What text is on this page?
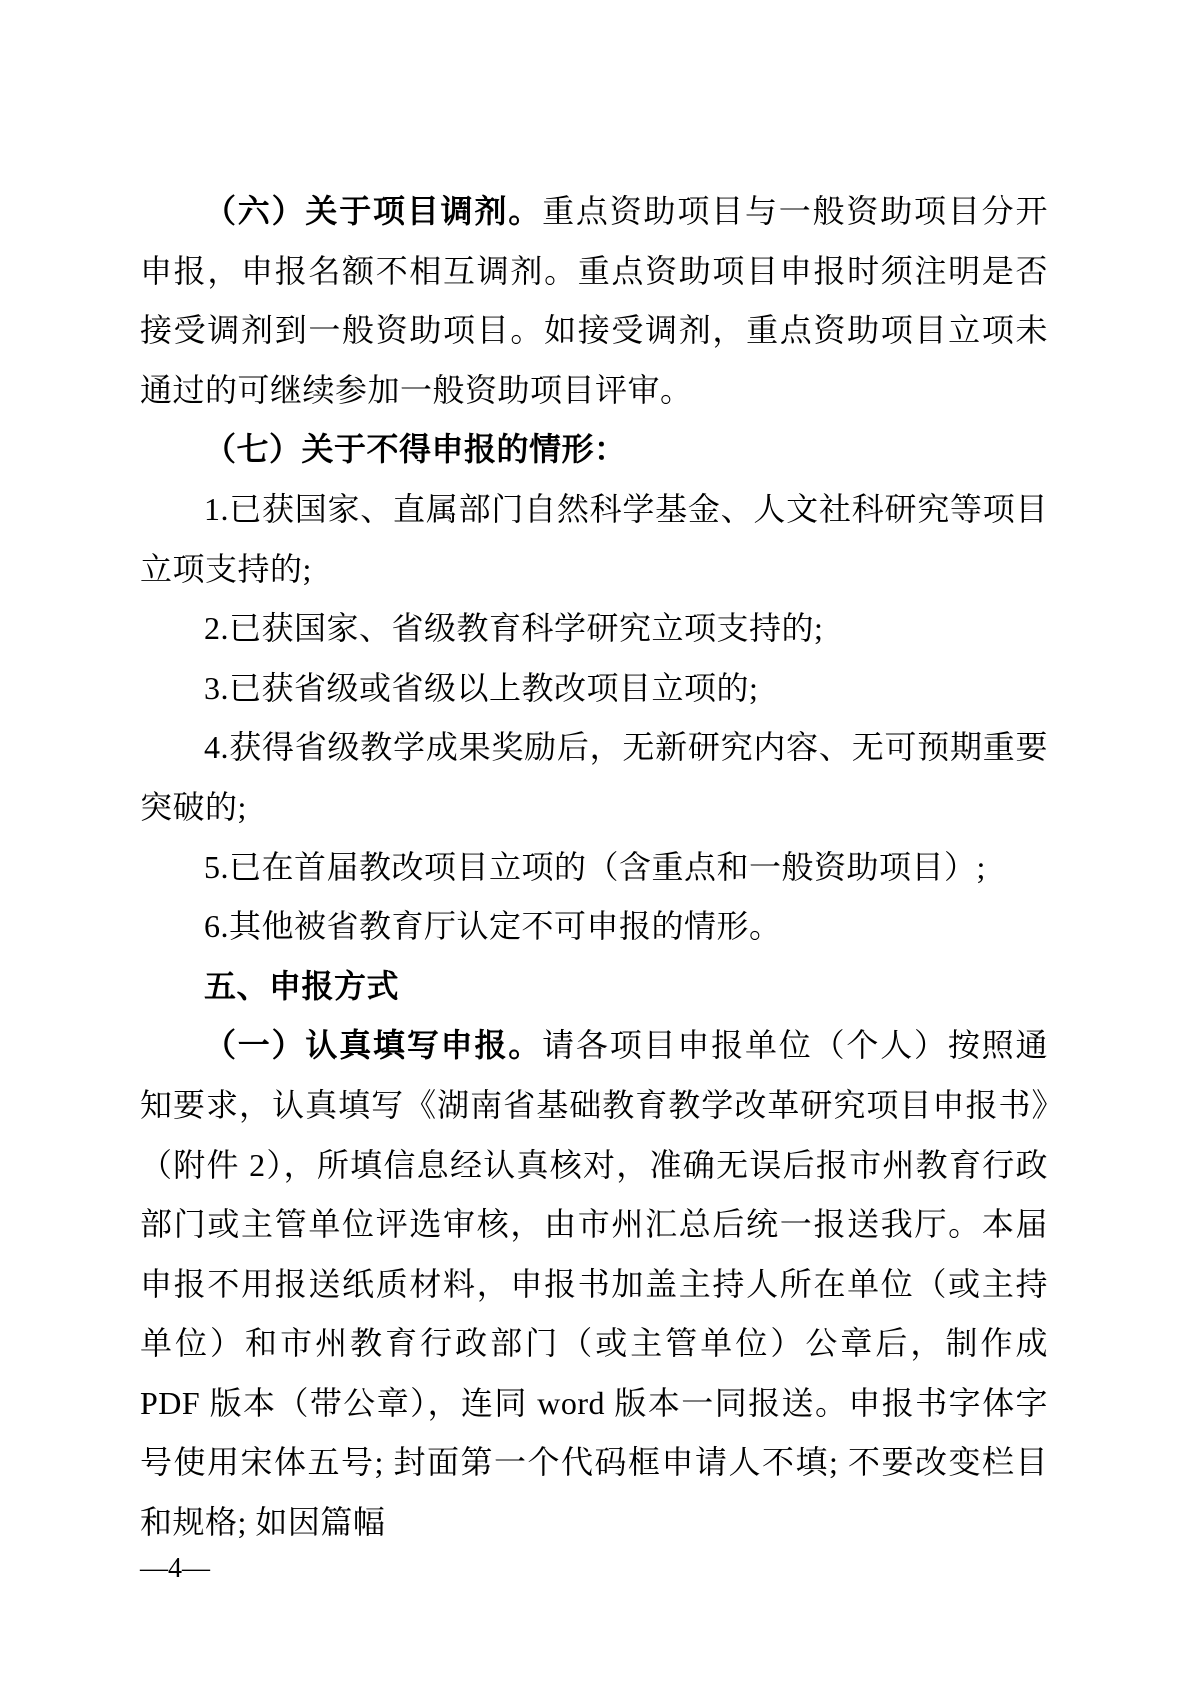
（六）关于项目调剂。重点资助项目与一般资助项目分开申报，申报名额不相互调剂。重点资助项目申报时须注明是否接受调剂到一般资助项目。如接受调剂，重点资助项目立项未通过的可继续参加一般资助项目评审。

（七）关于不得申报的情形：

1.已获国家、直属部门自然科学基金、人文社科研究等项目立项支持的;

2.已获国家、省级教育科学研究立项支持的;

3.已获省级或省级以上教改项目立项的;

4.获得省级教学成果奖励后，无新研究内容、无可预期重要突破的;

5.已在首届教改项目立项的（含重点和一般资助项目）;

6.其他被省教育厅认定不可申报的情形。

五、申报方式

（一）认真填写申报。请各项目申报单位（个人）按照通知要求，认真填写《湖南省基础教育教学改革研究项目申报书》（附件 2），所填信息经认真核对，准确无误后报市州教育行政部门或主管单位评选审核，由市州汇总后统一报送我厅。本届申报不用报送纸质材料，申报书加盖主持人所在单位（或主持单位）和市州教育行政部门（或主管单位）公章后，制作成 PDF 版本（带公章），连同 word 版本一同报送。申报书字体字号使用宋体五号; 封面第一个代码框申请人不填; 不要改变栏目和规格; 如因篇幅

—4—
